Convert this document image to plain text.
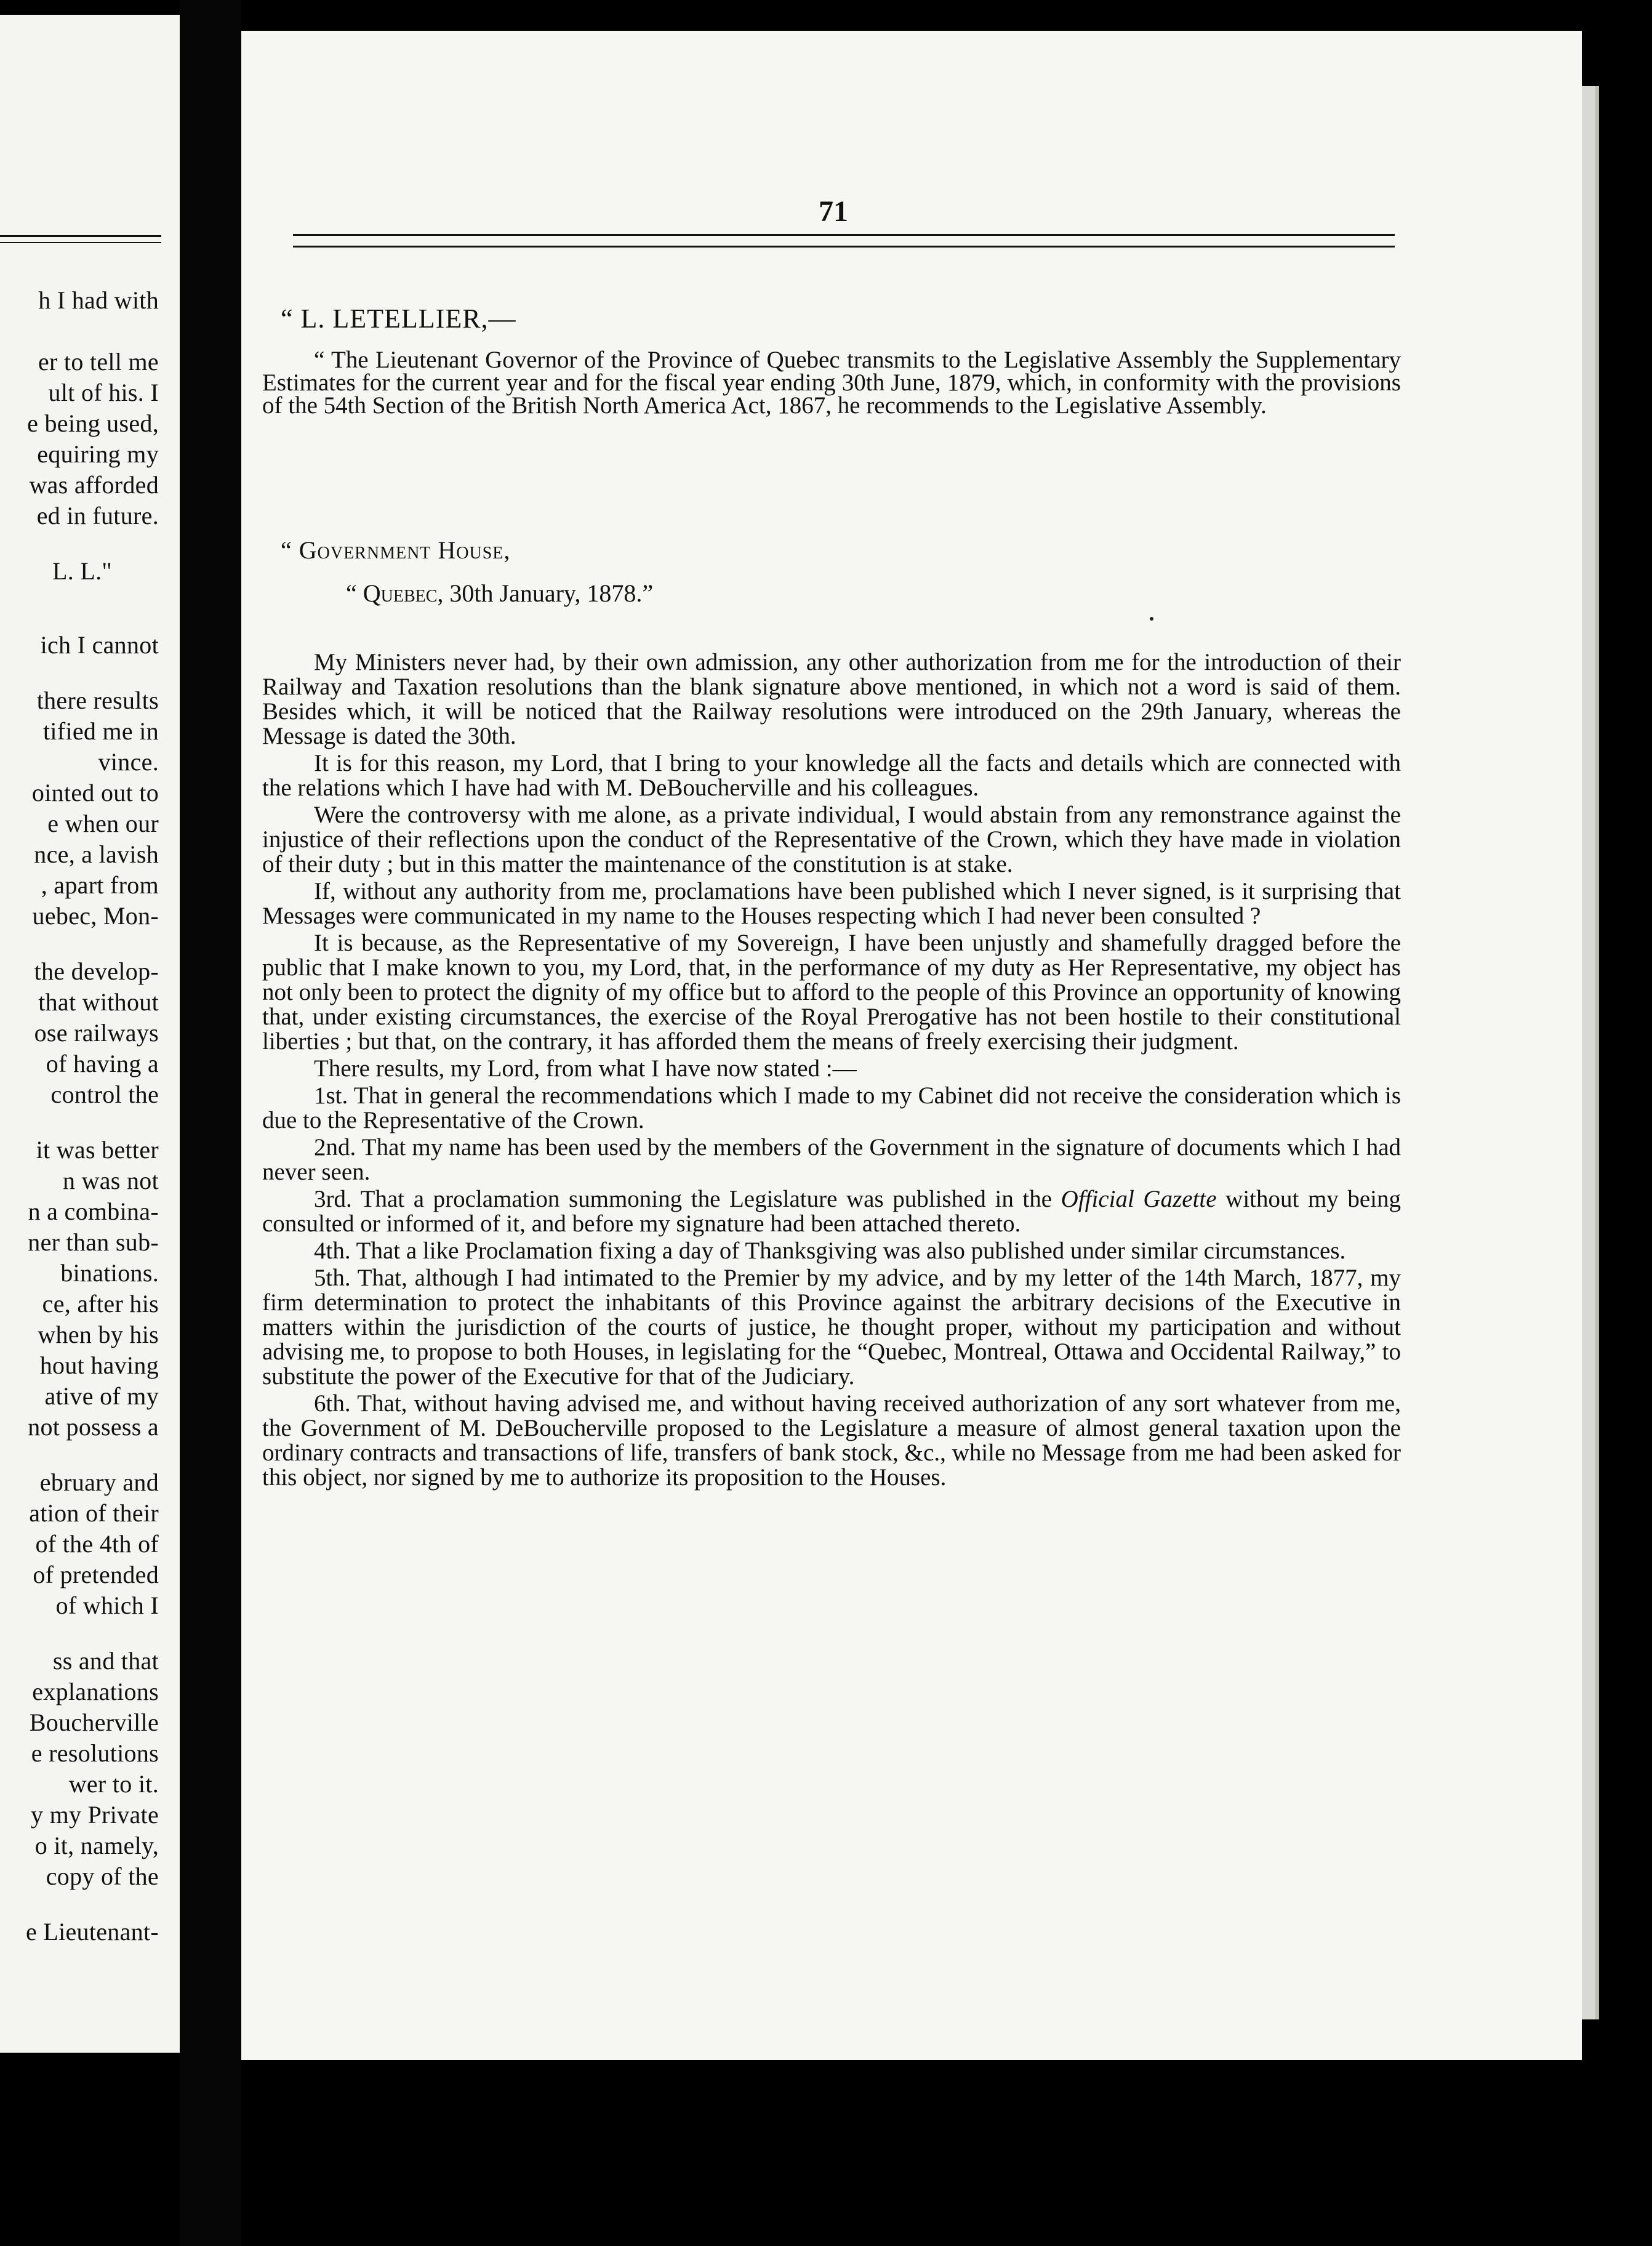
h I had with
er to tell me
ult of his. I
e being used,
equiring my
was afforded
ed in future.
L. L."
ich I cannot
there results
tified me in
vince.
ointed out to
e when our
nce, a lavish
, apart from
uebec, Mon-
the develop-
that without
ose railways
of having a
control the
it was better
n was not
n a combina-
ner than sub-
binations.
ce, after his
when by his
hout having
ative of my
not possess a
ebruary and
ation of their
of the 4th of
of pretended
of which I
ss and that
explanations
Boucherville
e resolutions
wer to it.
y my Private
o it, namely,
copy of the
e Lieutenant-
71
“ L. LETELLIER,—

“ The Lieutenant Governor of the Province of Quebec transmits to the Legislative Assembly the Supplementary Estimates for the current year and for the fiscal year ending 30th June, 1879, which, in conformity with the provisions of the 54th Section of the British North America Act, 1867, he recommends to the Legislative Assembly.

“ Government House,
“ Quebec, 30th January, 1878.”

My Ministers never had, by their own admission, any other authorization from me for the introduction of their Railway and Taxation resolutions than the blank signature above mentioned, in which not a word is said of them. Besides which, it will be noticed that the Railway resolutions were introduced on the 29th January, whereas the Message is dated the 30th.

It is for this reason, my Lord, that I bring to your knowledge all the facts and details which are connected with the relations which I have had with M. DeBoucherville and his colleagues.

Were the controversy with me alone, as a private individual, I would abstain from any remonstrance against the injustice of their reflections upon the conduct of the Representative of the Crown, which they have made in violation of their duty ; but in this matter the maintenance of the constitution is at stake.

If, without any authority from me, proclamations have been published which I never signed, is it surprising that Messages were communicated in my name to the Houses respecting which I had never been consulted ?

It is because, as the Representative of my Sovereign, I have been unjustly and shamefully dragged before the public that I make known to you, my Lord, that, in the performance of my duty as Her Representative, my object has not only been to protect the dignity of my office but to afford to the people of this Province an opportunity of knowing that, under existing circumstances, the exercise of the Royal Prerogative has not been hostile to their constitutional liberties ; but that, on the contrary, it has afforded them the means of freely exercising their judgment.

There results, my Lord, from what I have now stated :—

1st. That in general the recommendations which I made to my Cabinet did not receive the consideration which is due to the Representative of the Crown.

2nd. That my name has been used by the members of the Government in the signature of documents which I had never seen.

3rd. That a proclamation summoning the Legislature was published in the Official Gazette without my being consulted or informed of it, and before my signature had been attached thereto.

4th. That a like Proclamation fixing a day of Thanksgiving was also published under similar circumstances.

5th. That, although I had intimated to the Premier by my advice, and by my letter of the 14th March, 1877, my firm determination to protect the inhabitants of this Province against the arbitrary decisions of the Executive in matters within the jurisdiction of the courts of justice, he thought proper, without my participation and without advising me, to propose to both Houses, in legislating for the “Quebec, Montreal, Ottawa and Occidental Railway,” to substitute the power of the Executive for that of the Judiciary.

6th. That, without having advised me, and without having received authorization of any sort whatever from me, the Government of M. DeBoucherville proposed to the Legislature a measure of almost general taxation upon the ordinary contracts and transactions of life, transfers of bank stock, &c., while no Message from me had been asked for this object, nor signed by me to authorize its proposition to the Houses.
